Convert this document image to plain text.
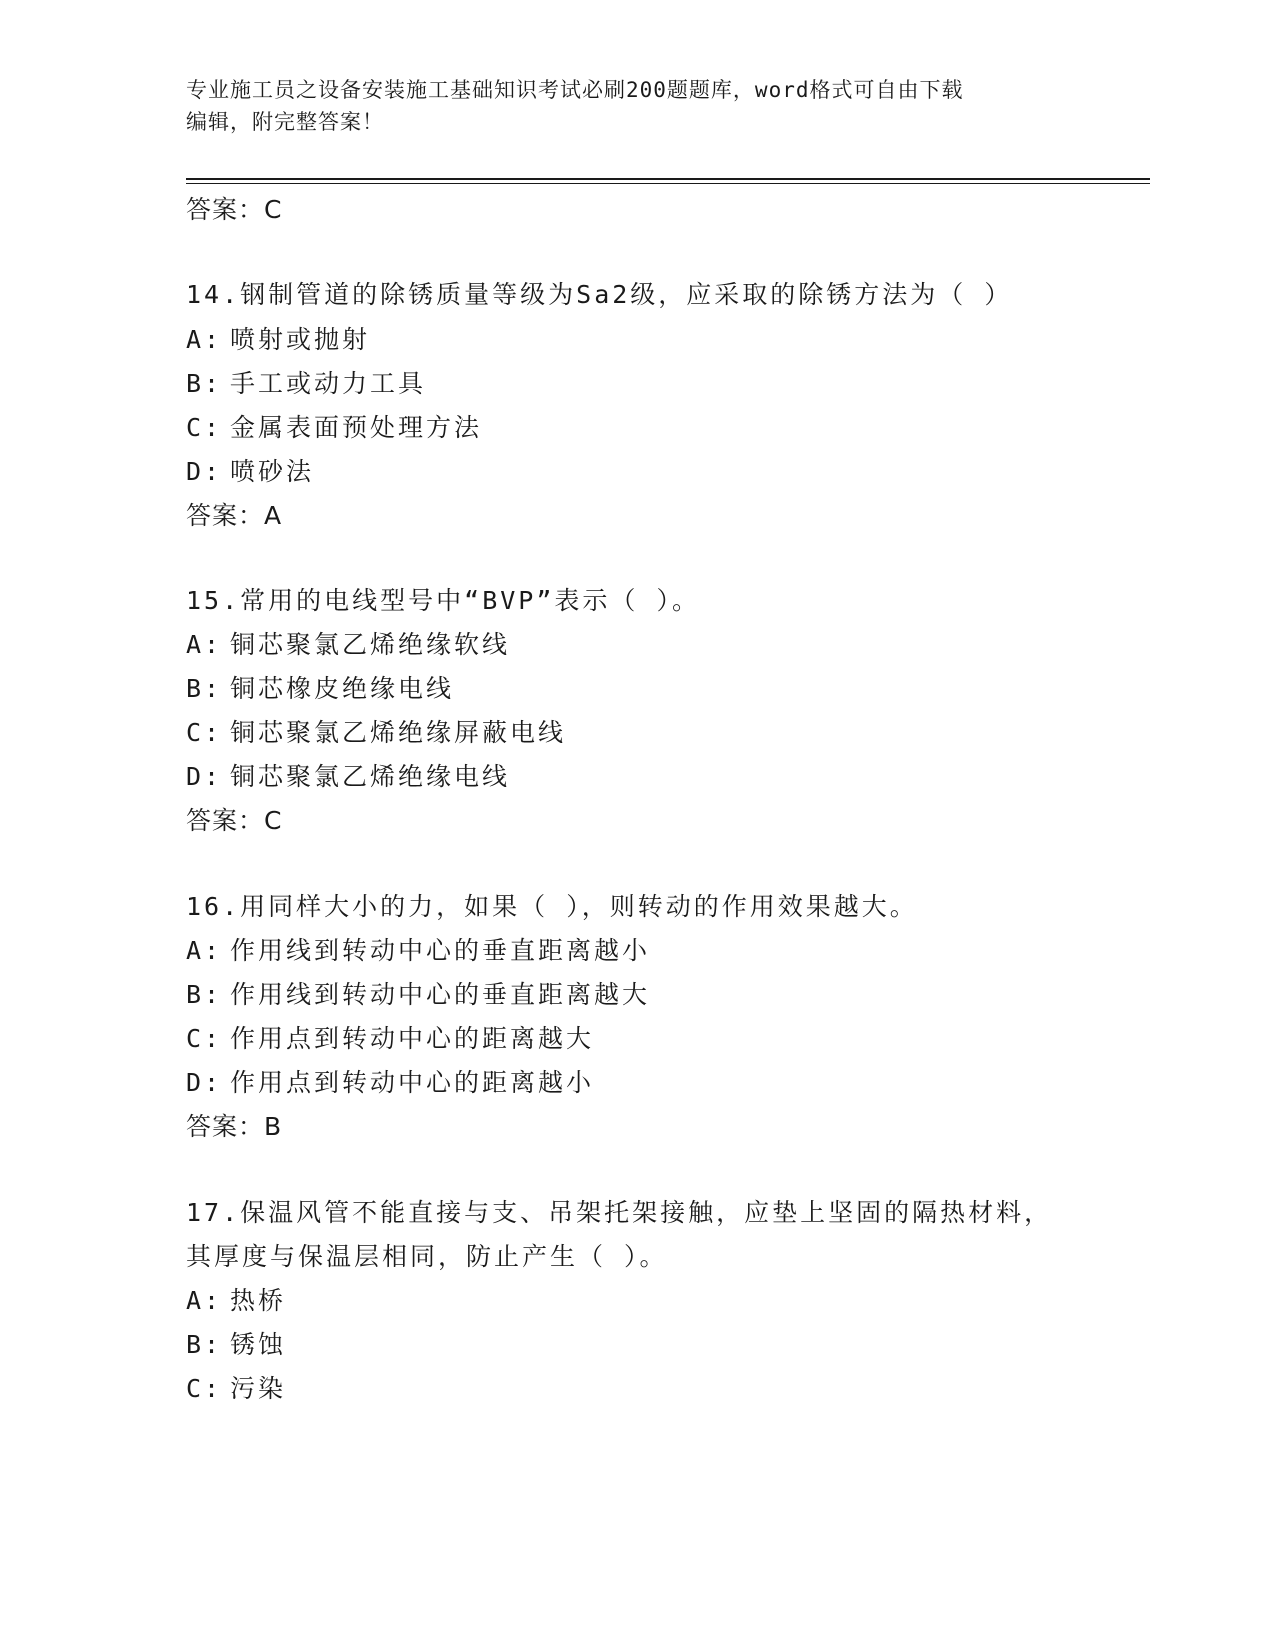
专业施工员之设备安装施工基础知识考试必刷200题题库，word格式可自由下载
编辑，附完整答案！
答案：C
14.钢制管道的除锈质量等级为Sa2级，应采取的除锈方法为（ ）
A: 喷射或抛射
B: 手工或动力工具
C: 金属表面预处理方法
D: 喷砂法
答案：A
15.常用的电线型号中“BVP”表示（ ）。
A: 铜芯聚氯乙烯绝缘软线
B: 铜芯橡皮绝缘电线
C: 铜芯聚氯乙烯绝缘屏蔽电线
D: 铜芯聚氯乙烯绝缘电线
答案：C
16.用同样大小的力，如果（ ），则转动的作用效果越大。
A: 作用线到转动中心的垂直距离越小
B: 作用线到转动中心的垂直距离越大
C: 作用点到转动中心的距离越大
D: 作用点到转动中心的距离越小
答案：B
17.保温风管不能直接与支、吊架托架接触，应垫上坚固的隔热材料，
其厚度与保温层相同，防止产生（ ）。
A: 热桥
B: 锈蚀
C: 污染
